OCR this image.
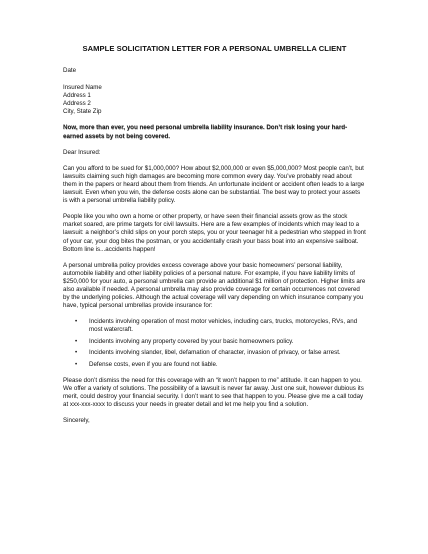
SAMPLE SOLICITATION LETTER FOR A PERSONAL UMBRELLA CLIENT
Date
Insured Name
Address 1
Address 2
City, State Zip

Now, more than ever, you need personal umbrella liability insurance. Don’t risk losing your hard-earned assets by not being covered.

Dear Insured:

Can you afford to be sued for $1,000,000? How about $2,000,000 or even $5,000,000? Most people can’t, but lawsuits claiming such high damages are becoming more common every day. You’ve probably read about them in the papers or heard about them from friends. An unfortunate incident or accident often leads to a large lawsuit. Even when you win, the defense costs alone can be substantial. The best way to protect your assets is with a personal umbrella liability policy.

People like you who own a home or other property, or have seen their financial assets grow as the stock market soared, are prime targets for civil lawsuits. Here are a few examples of incidents which may lead to a lawsuit: a neighbor’s child slips on your porch steps, you or your teenager hit a pedestrian who stepped in front of your car, your dog bites the postman, or you accidentally crash your bass boat into an expensive sailboat. Bottom line is...accidents happen!

A personal umbrella policy provides excess coverage above your basic homeowners’ personal liability, automobile liability and other liability policies of a personal nature. For example, if you have liability limits of $250,000 for your auto, a personal umbrella can provide an additional $1 million of protection. Higher limits are also available if needed. A personal umbrella may also provide coverage for certain occurrences not covered by the underlying policies. Although the actual coverage will vary depending on which insurance company you have, typical personal umbrellas provide insurance for:

• Incidents involving operation of most motor vehicles, including cars, trucks, motorcycles, RVs, and most watercraft.
• Incidents involving any property covered by your basic homeowners policy.
• Incidents involving slander, libel, defamation of character, invasion of privacy, or false arrest.
• Defense costs, even if you are found not liable.

Please don’t dismiss the need for this coverage with an “it won’t happen to me” attitude. It can happen to you. We offer a variety of solutions. The possibility of a lawsuit is never far away. Just one suit, however dubious its merit, could destroy your financial security. I don’t want to see that happen to you. Please give me a call today at xxx-xxx-xxxx to discuss your needs in greater detail and let me help you find a solution.

Sincerely,
